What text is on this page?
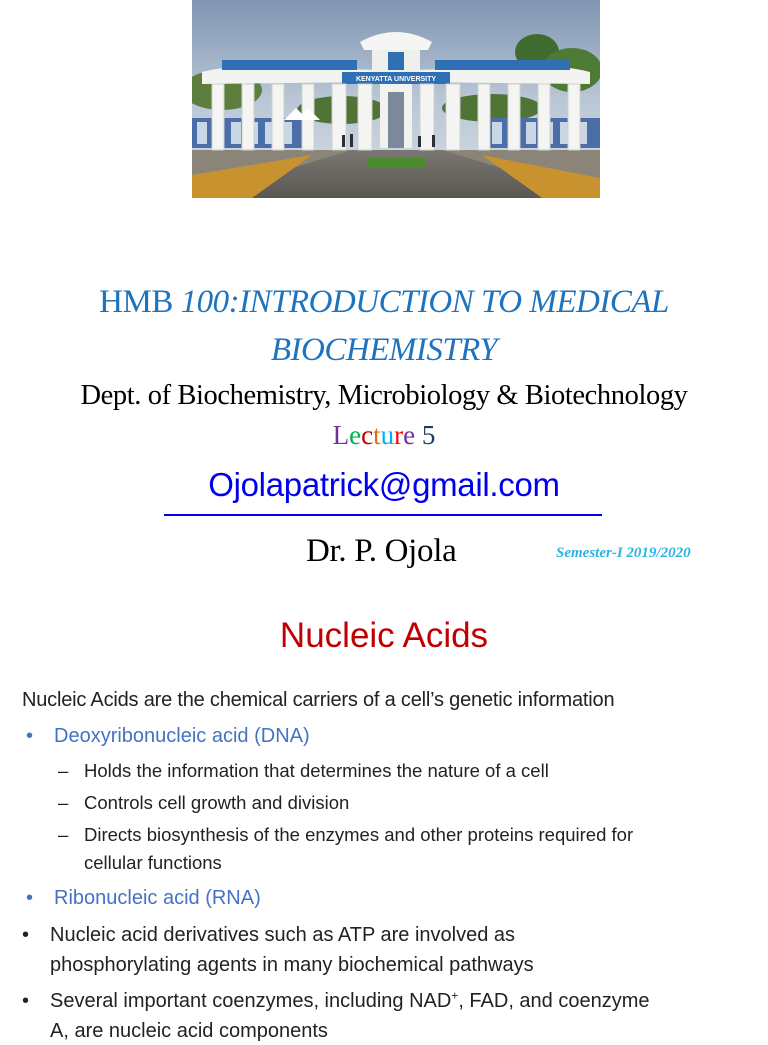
KENYATTA UNIVERSITY
HMB 100:INTRODUCTION TO MEDICAL
BIOCHEMISTRY
Dept. of Biochemistry, Microbiology & Biotechnology
Lecture 5
Ojolapatrick@gmail.com
Dr. P. Ojola	Semester-I 2019/2020
Nucleic Acids
Nucleic Acids are the chemical carriers of a cell’s genetic information
• Deoxyribonucleic acid (DNA)
– Holds the information that determines the nature of a cell
– Controls cell growth and division
– Directs biosynthesis of the enzymes and other proteins required for
cellular functions
• Ribonucleic acid (RNA)
• Nucleic acid derivatives such as ATP are involved as
phosphorylating agents in many biochemical pathways
• Several important coenzymes, including NAD+, FAD, and coenzyme
A, are nucleic acid components
